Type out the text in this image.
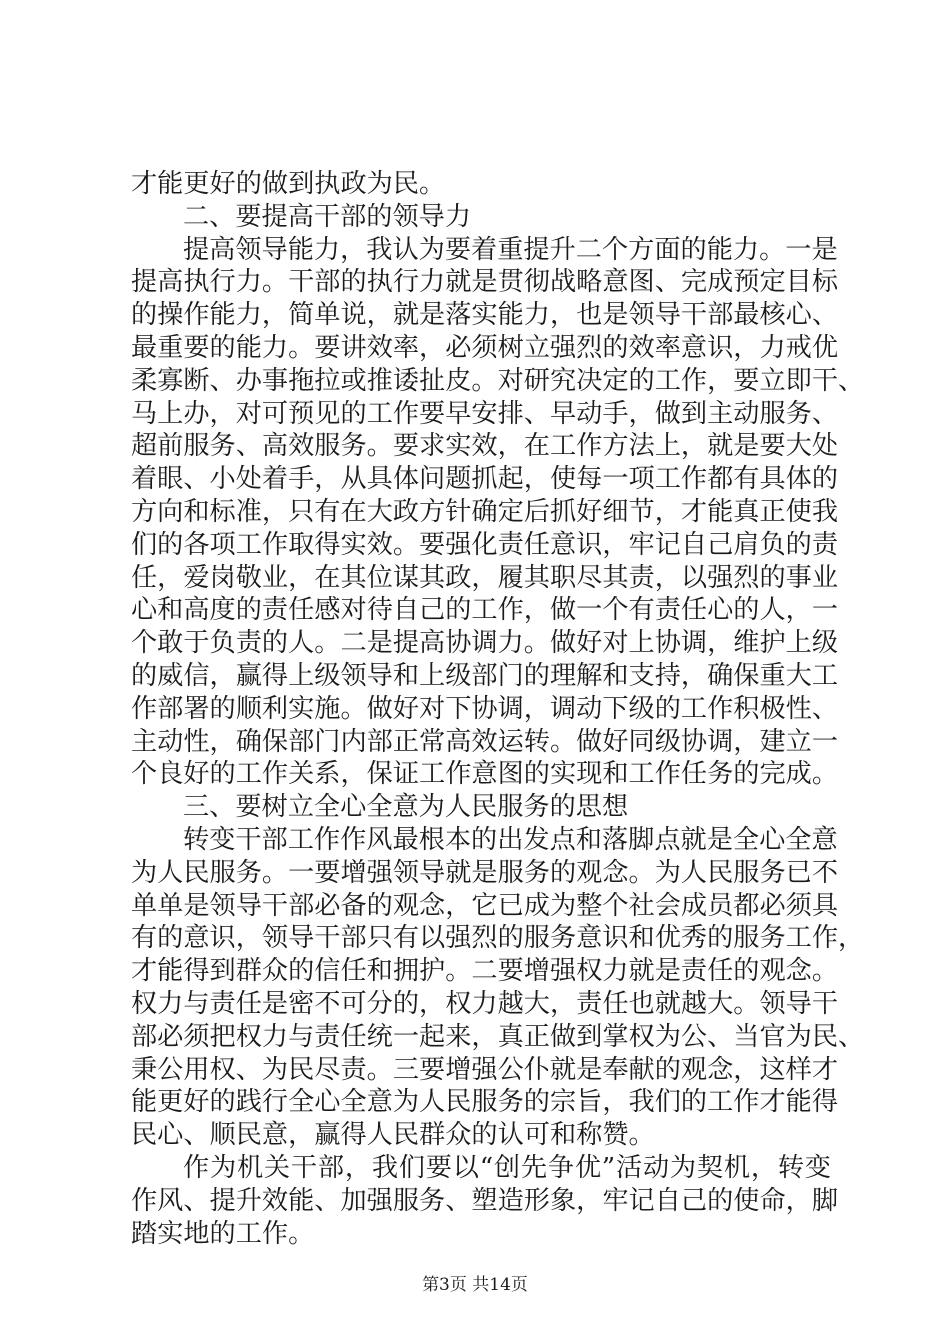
才能更好的做到执政为民。
二、要提高干部的领导力
提高领导能力，我认为要着重提升二个方面的能力。一是
提高执行力。干部的执行力就是贯彻战略意图、完成预定目标
的操作能力，简单说，就是落实能力，也是领导干部最核心、
最重要的能力。要讲效率，必须树立强烈的效率意识，力戒优
柔寡断、办事拖拉或推诿扯皮。对研究决定的工作，要立即干、
马上办，对可预见的工作要早安排、早动手，做到主动服务、
超前服务、高效服务。要求实效，在工作方法上，就是要大处
着眼、小处着手，从具体问题抓起，使每一项工作都有具体的
方向和标准，只有在大政方针确定后抓好细节，才能真正使我
们的各项工作取得实效。要强化责任意识，牢记自己肩负的责
任，爱岗敬业，在其位谋其政，履其职尽其责，以强烈的事业
心和高度的责任感对待自己的工作，做一个有责任心的人，一
个敢于负责的人。二是提高协调力。做好对上协调，维护上级
的威信，赢得上级领导和上级部门的理解和支持，确保重大工
作部署的顺利实施。做好对下协调，调动下级的工作积极性、
主动性，确保部门内部正常高效运转。做好同级协调，建立一
个良好的工作关系，保证工作意图的实现和工作任务的完成。
三、要树立全心全意为人民服务的思想
转变干部工作作风最根本的出发点和落脚点就是全心全意
为人民服务。一要增强领导就是服务的观念。为人民服务已不
单单是领导干部必备的观念，它已成为整个社会成员都必须具
有的意识，领导干部只有以强烈的服务意识和优秀的服务工作，
才能得到群众的信任和拥护。二要增强权力就是责任的观念。
权力与责任是密不可分的，权力越大，责任也就越大。领导干
部必须把权力与责任统一起来，真正做到掌权为公、当官为民、
秉公用权、为民尽责。三要增强公仆就是奉献的观念，这样才
能更好的践行全心全意为人民服务的宗旨，我们的工作才能得
民心、顺民意，赢得人民群众的认可和称赞。
作为机关干部，我们要以“创先争优”活动为契机，转变
作风、提升效能、加强服务、塑造形象，牢记自己的使命，脚
踏实地的工作。
第3页 共14页
